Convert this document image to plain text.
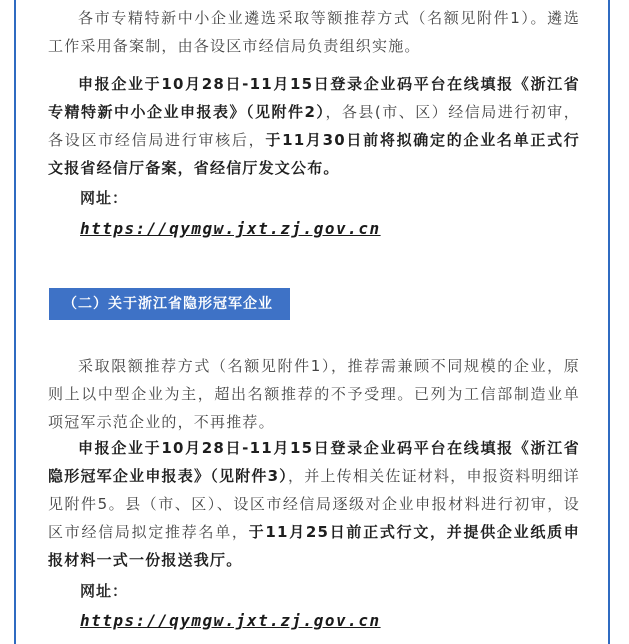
各市专精特新中小企业遴选采取等额推荐方式（名额见附件1）。遴选工作采用备案制，由各设区市经信局负责组织实施。

申报企业于10月28日-11月15日登录企业码平台在线填报《浙江省专精特新中小企业申报表》（见附件2），各县(市、区）经信局进行初审，各设区市经信局进行审核后，于11月30日前将拟确定的企业名单正式行文报省经信厅备案，省经信厅发文公布。

网址：
https://qymgw.jxt.zj.gov.cn

采取限额推荐方式（名额见附件1），推荐需兼顾不同规模的企业，原则上以中型企业为主，超出名额推荐的不予受理。已列为工信部制造业单项冠军示范企业的，不再推荐。

申报企业于10月28日-11月15日登录企业码平台在线填报《浙江省隐形冠军企业申报表》（见附件3），并上传相关佐证材料，申报资料明细详见附件5。县（市、区）、设区市经信局逐级对企业申报材料进行初审，设区市经信局拟定推荐名单，于11月25日前正式行文，并提供企业纸质申报材料一式一份报送我厅。

网址：
https://qymgw.jxt.zj.gov.cn
（二）关于浙江省隐形冠军企业
